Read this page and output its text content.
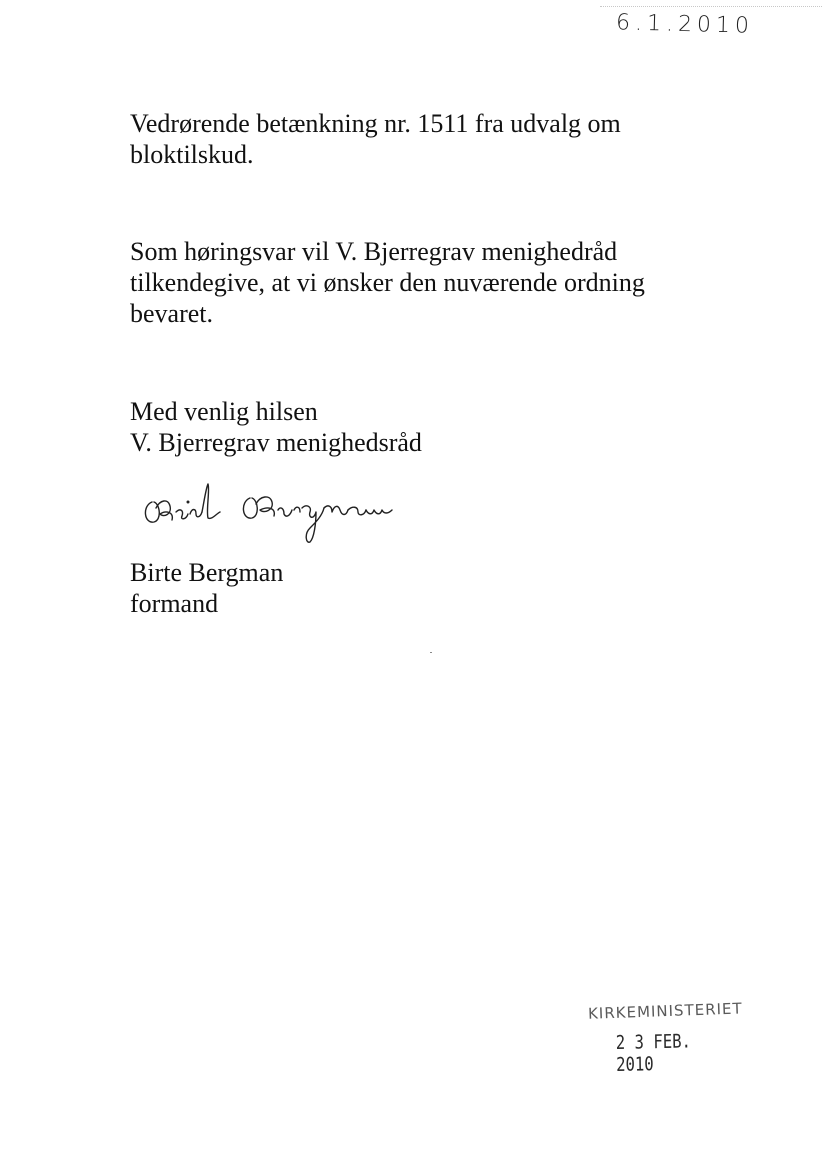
6.1.2010
Vedrørende betænkning nr. 1511 fra udvalg om
bloktilskud.
Som høringsvar vil V. Bjerregrav menighedråd
tilkendegive, at vi ønsker den nuværende ordning
bevaret.
Med venlig hilsen
V. Bjerregrav menighedsråd
Birte Bergman
formand
KIRKEMINISTERIET
2 3 FEB. 2010
